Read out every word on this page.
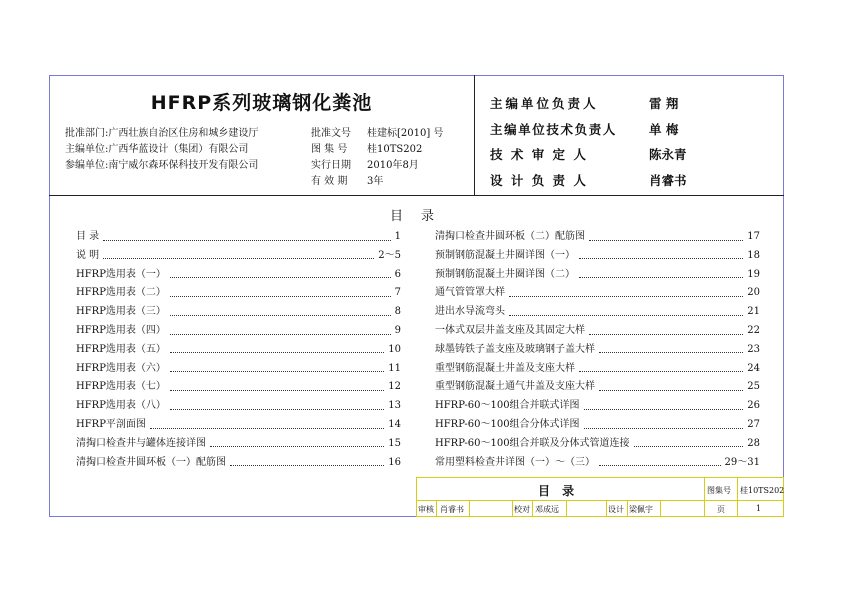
HFRP系列玻璃钢化粪池
批准部门:广西壮族自治区住房和城乡建设厅
主编单位:广西华蓝设计（集团）有限公司
参编单位:南宁威尔森环保科技开发有限公司
批准文号 桂建标[2010] 号
图 集 号 桂10TS202
实行日期 2010年8月
有 效 期 3年
主编单位负责人	雷 翔
主编单位技术负责人	单 梅
技 术 审 定 人	陈永青
设 计 负 责 人	肖睿书
目录
目 录	1
说 明	2～5
HFRP选用表（一）	6
HFRP选用表（二）	7
HFRP选用表（三）	8
HFRP选用表（四）	9
HFRP选用表（五）	10
HFRP选用表（六）	11
HFRP选用表（七）	12
HFRP选用表（八）	13
HFRP平剖面图	14
清掏口检查井与罐体连接详图	15
清掏口检查井圆环板（一）配筋图	16
清掏口检查井圆环板（二）配筋图	17
预制钢筋混凝土井圈详图（一）	18
预制钢筋混凝土井圈详图（二）	19
通气管管罩大样	20
进出水导流弯头	21
一体式双层井盖支座及其固定大样	22
球墨铸铁子盖支座及玻璃钢子盖大样	23
重型钢筋混凝土井盖及支座大样	24
重型钢筋混凝土通气井盖及支座大样	25
HFRP-60～100组合并联式详图	26
HFRP-60～100组合分体式详图	27
HFRP-60～100组合并联及分体式管道连接	28
常用塑料检查井详图（一）～（三）	29～31
目 录	图集号 桂10TS202
审核 肖睿书	校对 邓成远	设计 梁佩宇	页	1
